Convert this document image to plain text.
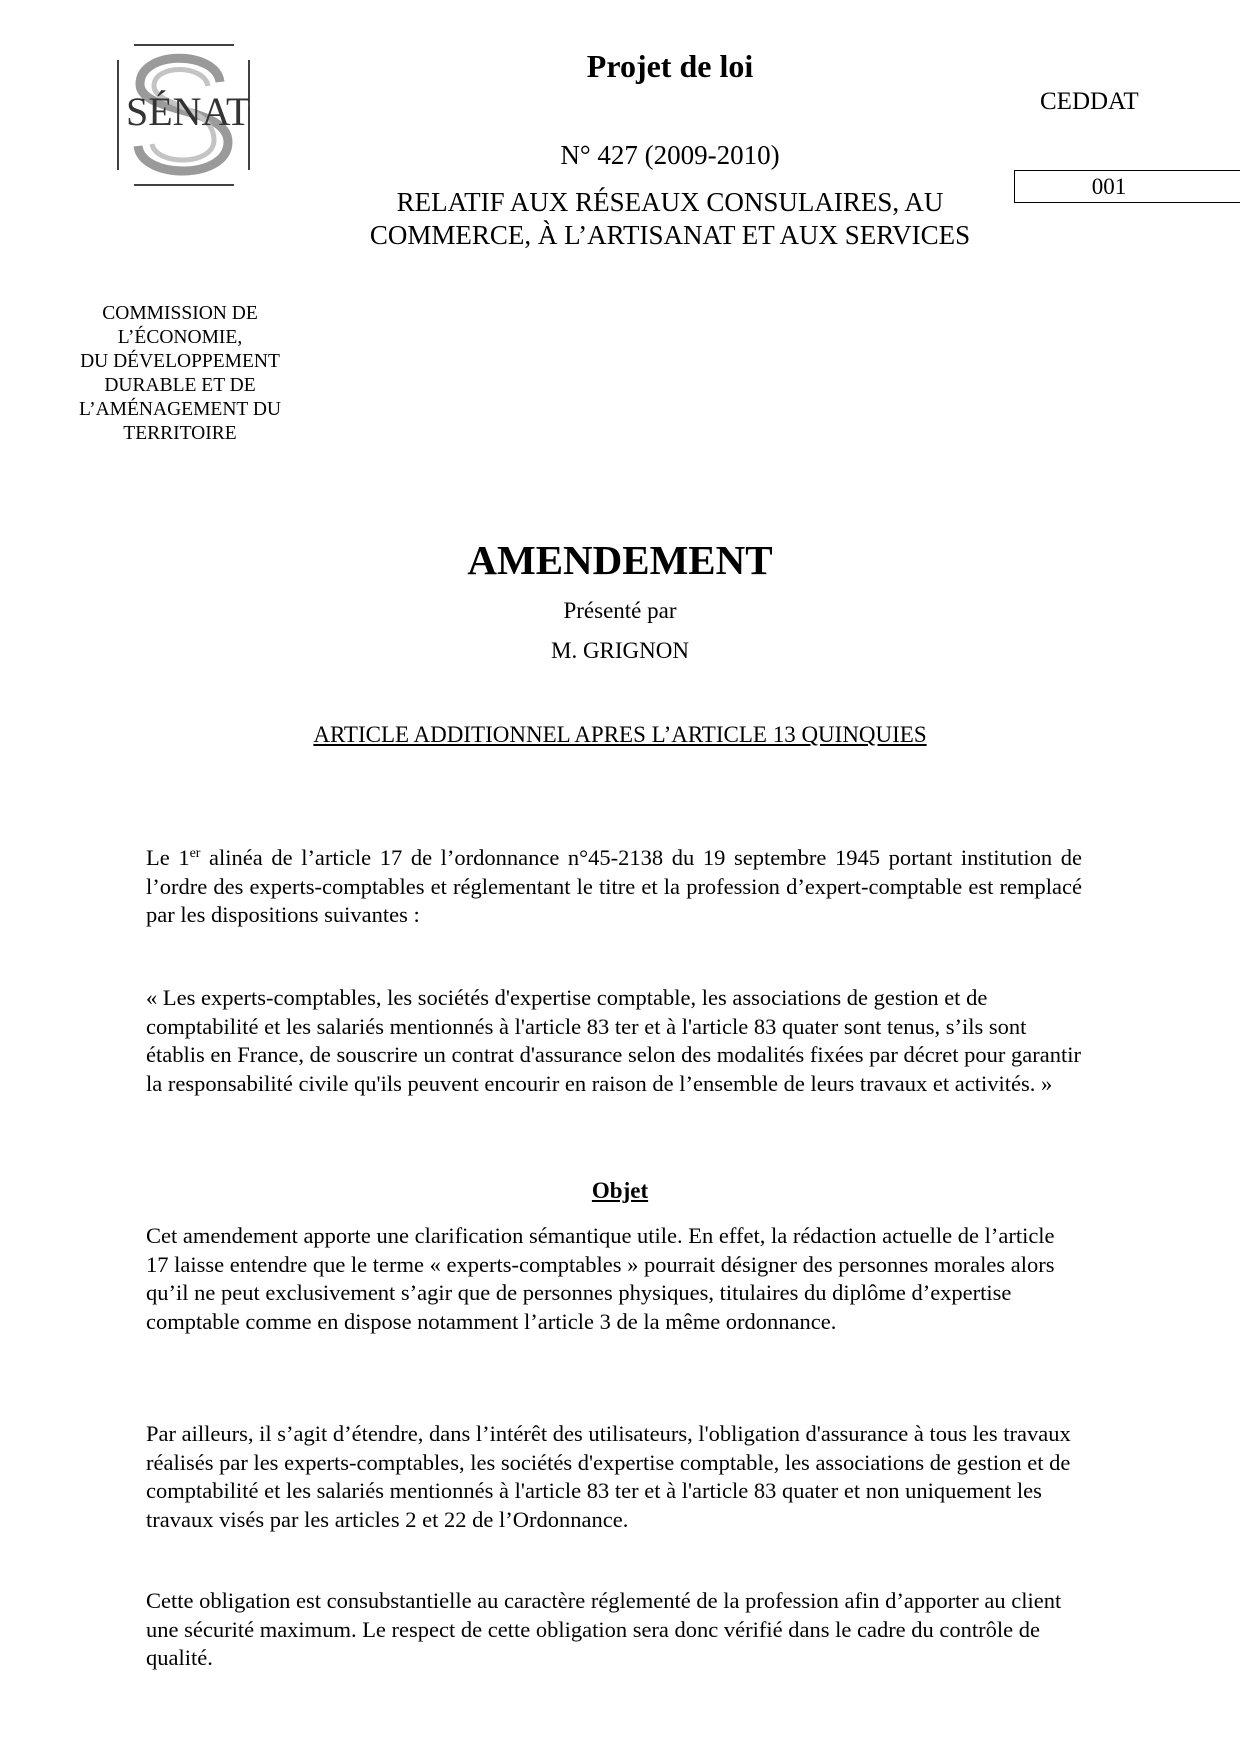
SÉNAT
Projet de loi
CEDDAT
N° 427 (2009-2010)
RELATIF AUX RÉSEAUX CONSULAIRES, AU
COMMERCE, À L’ARTISANAT ET AUX SERVICES
001
COMMISSION DE
L’ÉCONOMIE,
DU DÉVELOPPEMENT
DURABLE ET DE
L’AMÉNAGEMENT DU
TERRITOIRE
AMENDEMENT
Présenté par
M. GRIGNON
ARTICLE ADDITIONNEL APRES L’ARTICLE 13 QUINQUIES
Le 1er alinéa de l’article 17 de l’ordonnance n°45-2138 du 19 septembre 1945 portant institution de l’ordre des experts-comptables et réglementant le titre et la profession d’expert-comptable est remplacé par les dispositions suivantes :
« Les experts-comptables, les sociétés d'expertise comptable, les associations de gestion et de comptabilité et les salariés mentionnés à l'article 83 ter et à l'article 83 quater sont tenus, s’ils sont établis en France, de souscrire un contrat d'assurance selon des modalités fixées par décret pour garantir la responsabilité civile qu'ils peuvent encourir en raison de l’ensemble de leurs travaux et activités. »
Objet
Cet amendement apporte une clarification sémantique utile. En effet, la rédaction actuelle de l’article 17 laisse entendre que le terme « experts-comptables » pourrait désigner des personnes morales alors qu’il ne peut exclusivement s’agir que de personnes physiques, titulaires du diplôme d’expertise comptable comme en dispose notamment l’article 3 de la même ordonnance.
Par ailleurs, il s’agit d’étendre, dans l’intérêt des utilisateurs, l'obligation d'assurance à tous les travaux réalisés par les experts-comptables, les sociétés d'expertise comptable, les associations de gestion et de comptabilité et les salariés mentionnés à l'article 83 ter et à l'article 83 quater et non uniquement les travaux visés par les articles 2 et 22 de l’Ordonnance.
Cette obligation est consubstantielle au caractère réglementé de la profession afin d’apporter au client une sécurité maximum. Le respect de cette obligation sera donc vérifié dans le cadre du contrôle de qualité.
